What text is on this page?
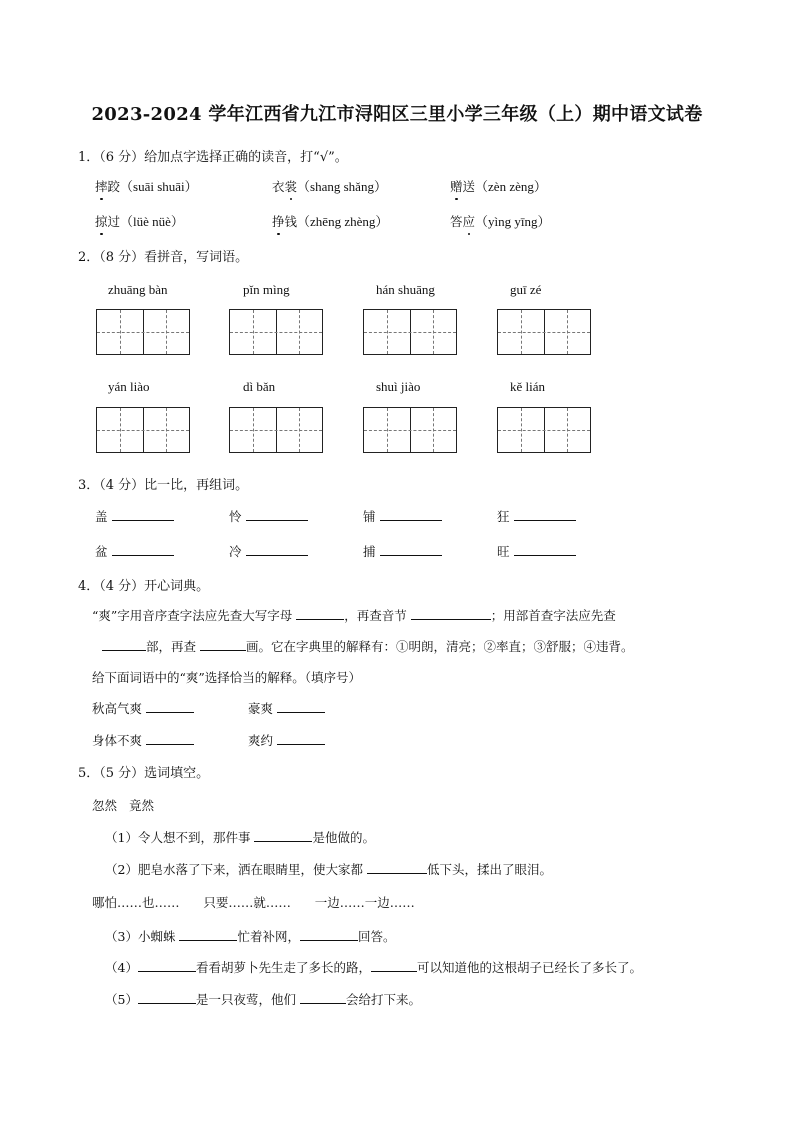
2023-2024 学年江西省九江市浔阳区三里小学三年级（上）期中语文试卷
1．（6 分）给加点字选择正确的读音，打“√”。
摔跤（suāi shuāi）	衣裳（shang shǎng）	赠送（zèn zèng）
掠过（lüè nüè）	挣钱（zhēng zhèng）	答应（yìng yīng）
2．（8 分）看拼音，写词语。
zhuāng bàn	pǐn mìng	hán shuāng	guī zé
yán liào	dì bǎn	shuì jiào	kě lián
3．（4 分）比一比，再组词。
盖	怜	铺	狂
盆	冷	捕	旺
4．（4 分）开心词典。
“爽”字用音序查字法应先查大写字母	，再查音节	；用部首查字法应先查
部，再查	画。它在字典里的解释有：①明朗，清亮；②率直；③舒服；④违背。
给下面词语中的“爽”选择恰当的解释。（填序号）
秋高气爽	豪爽
身体不爽	爽约
5．（5 分）选词填空。
忽然 竟然
（1）令人想不到，那件事	是他做的。
（2）肥皂水落了下来，洒在眼睛里，使大家都	低下头，揉出了眼泪。
哪怕……也…… 只要……就…… 一边……一边……
（3）小蜘蛛	忙着补网，	回答。
（4）	看看胡萝卜先生走了多长的路，	可以知道他的这根胡子已经长了多长了。
（5）	是一只夜莺，他们	会给打下来。
